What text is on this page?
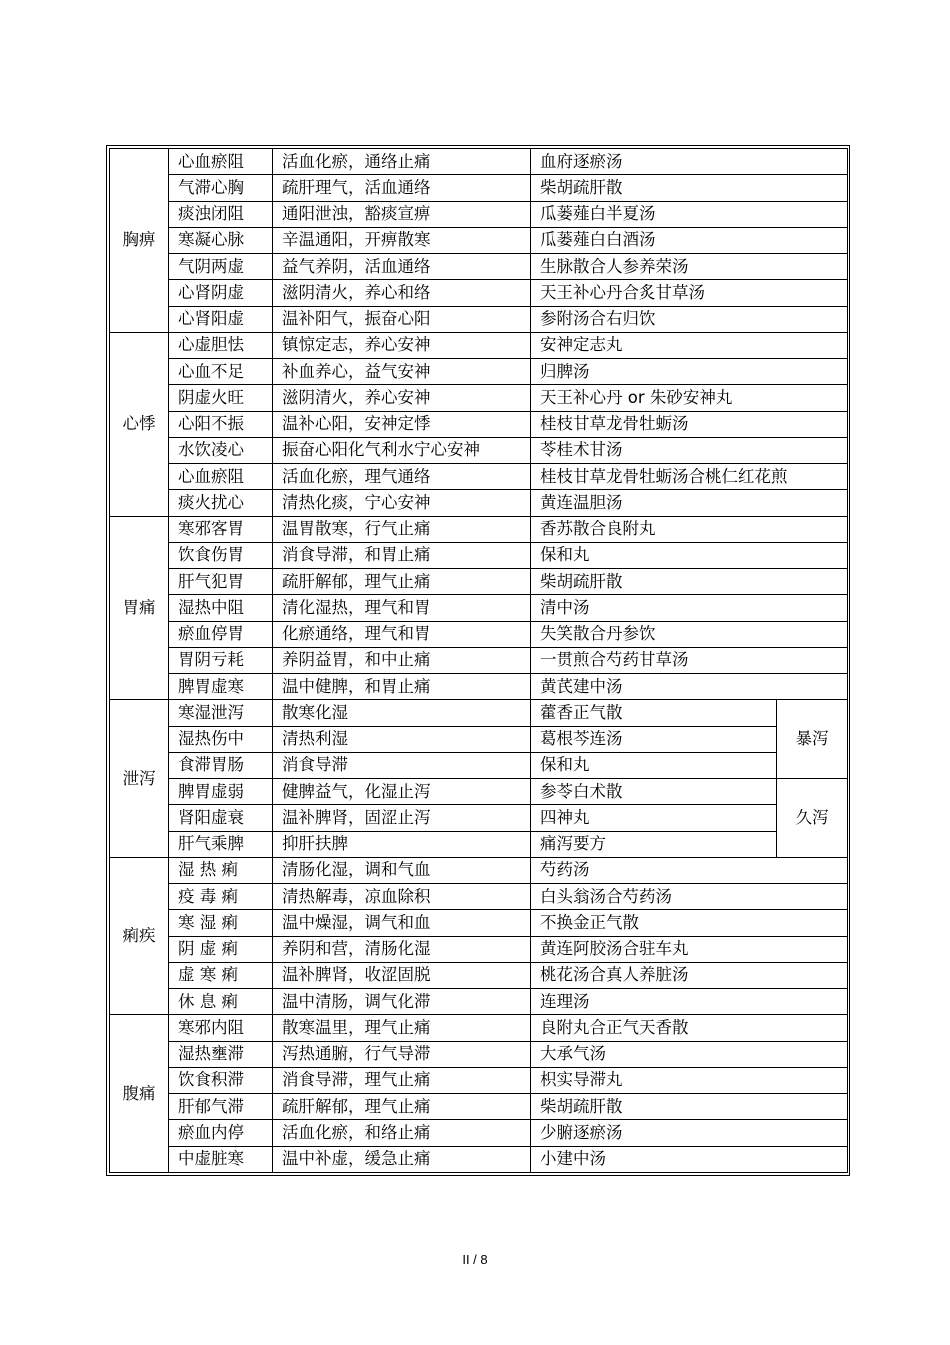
胸痹	心血瘀阻	活血化瘀，通络止痛	血府逐瘀汤	
	气滞心胸	疏肝理气，活血通络	柴胡疏肝散	
	痰浊闭阻	通阳泄浊，豁痰宣痹	瓜蒌薤白半夏汤	
	寒凝心脉	辛温通阳，开痹散寒	瓜蒌薤白白酒汤	
	气阴两虚	益气养阴，活血通络	生脉散合人参养荣汤	
	心肾阴虚	滋阴清火，养心和络	天王补心丹合炙甘草汤	
	心肾阳虚	温补阳气，振奋心阳	参附汤合右归饮	
心悸	心虚胆怯	镇惊定志，养心安神	安神定志丸	
	心血不足	补血养心，益气安神	归脾汤	
	阴虚火旺	滋阴清火，养心安神	天王补心丹 or 朱砂安神丸	
	心阳不振	温补心阳，安神定悸	桂枝甘草龙骨牡蛎汤	
	水饮凌心	振奋心阳化气利水宁心安神	苓桂术甘汤	
	心血瘀阻	活血化瘀，理气通络	桂枝甘草龙骨牡蛎汤合桃仁红花煎	
	痰火扰心	清热化痰，宁心安神	黄连温胆汤	
胃痛	寒邪客胃	温胃散寒，行气止痛	香苏散合良附丸	
	饮食伤胃	消食导滞，和胃止痛	保和丸	
	肝气犯胃	疏肝解郁，理气止痛	柴胡疏肝散	
	湿热中阻	清化湿热，理气和胃	清中汤	
	瘀血停胃	化瘀通络，理气和胃	失笑散合丹参饮	
	胃阴亏耗	养阴益胃，和中止痛	一贯煎合芍药甘草汤	
	脾胃虚寒	温中健脾，和胃止痛	黄芪建中汤	
泄泻	寒湿泄泻	散寒化湿	藿香正气散	暴泻
	湿热伤中	清热利湿	葛根芩连汤	
	食滞胃肠	消食导滞	保和丸	
	脾胃虚弱	健脾益气，化湿止泻	参苓白术散	久泻
	肾阳虚衰	温补脾肾，固涩止泻	四神丸	
	肝气乘脾	抑肝扶脾	痛泻要方	
痢疾	湿 热 痢	清肠化湿，调和气血	芍药汤	
	疫 毒 痢	清热解毒，凉血除积	白头翁汤合芍药汤	
	寒 湿 痢	温中燥湿，调气和血	不换金正气散	
	阴 虚 痢	养阴和营，清肠化湿	黄连阿胶汤合驻车丸	
	虚 寒 痢	温补脾肾，收涩固脱	桃花汤合真人养脏汤	
	休 息 痢	温中清肠，调气化滞	连理汤	
腹痛	寒邪内阻	散寒温里，理气止痛	良附丸合正气天香散	
	湿热壅滞	泻热通腑，行气导滞	大承气汤	
	饮食积滞	消食导滞，理气止痛	枳实导滞丸	
	肝郁气滞	疏肝解郁，理气止痛	柴胡疏肝散	
	瘀血内停	活血化瘀，和络止痛	少腑逐瘀汤	
	中虚脏寒	温中补虚，缓急止痛	小建中汤	
II / 8
